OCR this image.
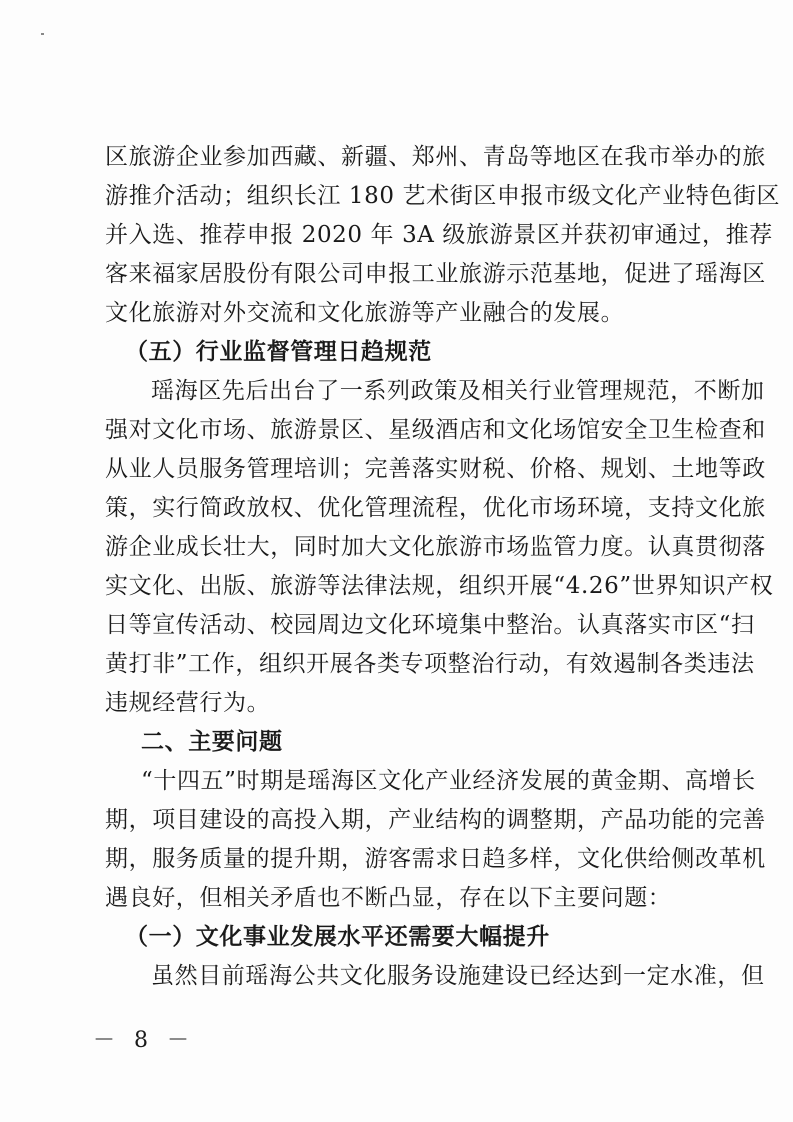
区旅游企业参加西藏、新疆、郑州、青岛等地区在我市举办的旅
游推介活动；组织长江 180 艺术街区申报市级文化产业特色街区
并入选、推荐申报 2020 年 3A 级旅游景区并获初审通过，推荐
客来福家居股份有限公司申报工业旅游示范基地，促进了瑶海区
文化旅游对外交流和文化旅游等产业融合的发展。
（五）行业监督管理日趋规范
瑶海区先后出台了一系列政策及相关行业管理规范，不断加
强对文化市场、旅游景区、星级酒店和文化场馆安全卫生检查和
从业人员服务管理培训；完善落实财税、价格、规划、土地等政
策，实行简政放权、优化管理流程，优化市场环境，支持文化旅
游企业成长壮大，同时加大文化旅游市场监管力度。认真贯彻落
实文化、出版、旅游等法律法规，组织开展“4.26”世界知识产权
日等宣传活动、校园周边文化环境集中整治。认真落实市区“扫
黄打非”工作，组织开展各类专项整治行动，有效遏制各类违法
违规经营行为。
二、主要问题
“十四五”时期是瑶海区文化产业经济发展的黄金期、高增长
期，项目建设的高投入期，产业结构的调整期，产品功能的完善
期，服务质量的提升期，游客需求日趋多样，文化供给侧改革机
遇良好，但相关矛盾也不断凸显，存在以下主要问题：
（一）文化事业发展水平还需要大幅提升
虽然目前瑶海公共文化服务设施建设已经达到一定水准，但
－ 8 －
